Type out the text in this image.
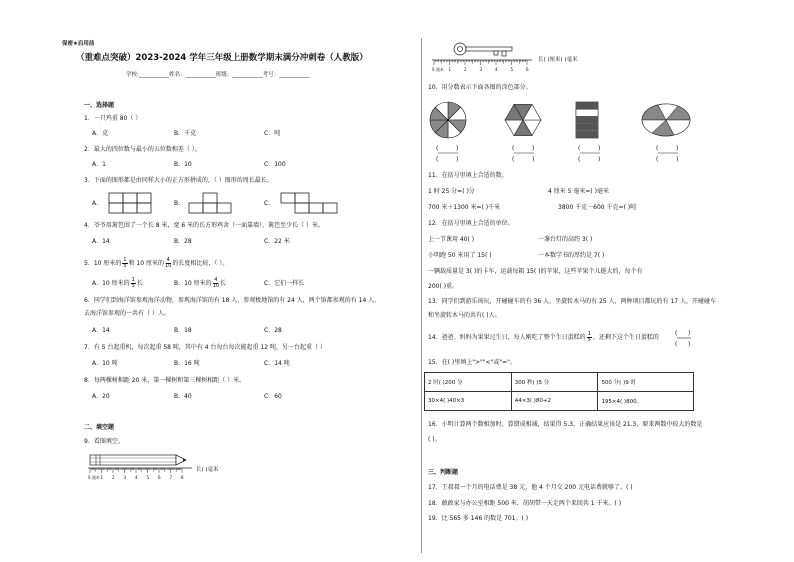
保密★启用前
（重难点突破）2023-2024 学年三年级上册数学期末满分冲刺卷（人教版）
学校:___________姓名：___________班级：___________考号：___________
一、选择题
1．一只鸡重 80（ ）
A．克	B．千克	C．吨
2．最大的四位数与最小的五位数相差（ ）。
A．1	B．10	C．100
3．下面的图形都是由同样大小的正方形拼成的，（ ）图形的周长最长。
A．	B．	C．
4．爷爷用篱笆围了一个长 8 米，宽 6 米的长方形鸡舍（一面靠墙），篱笆至少长（ ）米。
A．14	B．28	C．22 米
5．10 厘米的 $\frac{1}{5}$ 和 10 厘米的 $\frac{4}{10}$ 的长度相比较，（ ）。
A．10 厘米的 $\frac{1}{5}$ 长	B．10 厘米的 $\frac{4}{10}$ 长	C．它们一样长
6．同学们到海洋馆参观海洋动物，参观海洋馆的有 18 人，参观极地馆的有 24 人，两个馆都参观的有 14 人，
去海洋馆参观的一共有（ ）人。
A．14	B．18	C．28
7．有 5 台起重机，每次起重 58 吨，其中有 4 台每台每次能起重 12 吨，另一台起重（ ）
A．10 吨	B．16 吨	C．14 吨
8．每两棵树相距 20 米，第一棵树和第三棵树相距（ ）米。
A．20	B．40	C．60
二、填空题
9．看图填空。
0 厘米 1 2 3 4 5 6 7 8
长( )毫米
0 厘米 1	2	3	4	5	6
长( )厘米( )毫米
10．用分数表示下面各图的涂色部分。
(	)
(	)
(	)
(	)
(	)
(	)
(	)
(	)
11．在括号里填上合适的数。
1 时 25 分=( )分	4 厘米 5 毫米=( )毫米
700 米＋1300 米=( )千米	3800 千克－600 千克=( )吨
12．在括号里填上合适的单位。
上一节课用 40( )	一盏台灯的高约 3( )
小明跑 50 米用了 15( )	一本数学书的厚约是 7( )
一辆载质量是 3( )的卡车，运载每箱 15( )的苹果，这些苹果个儿挺大的，每个有
200( )重。
13．同学们到游乐场玩，开碰碰车的有 36 人，坐旋转木马的有 25 人，两种项目都玩的有 17 人，开碰碰车
和坐旋转木马的共有( )人。
14．爸爸、妈妈为果果过生日，每人刚吃了整个生日蛋糕的 $\frac{1}{5}$ ，还剩下这个生日蛋糕的
( )
( )
15．在( )里填上">""<"或"="。
2 时( )200 分	300 秒( )5 分	500 分( )9 时
30×4( )40×3	44×3( )80+2	195×4( )800。
16．小明计算两个数相加时，算错成相减，结果得 5.3，正确结果应该是 21.3，原来两数中较大的数是
( )。
三、判断题
17．王叔叔一个月的电话费是 38 元，他 4 个月交 200 元电话费就够了。( )
18．敢敢家与办公室相距 500 米，胡胡带一天走两个来回共 1 千米。( )
19．比 565 多 146 的数是 701。( )
